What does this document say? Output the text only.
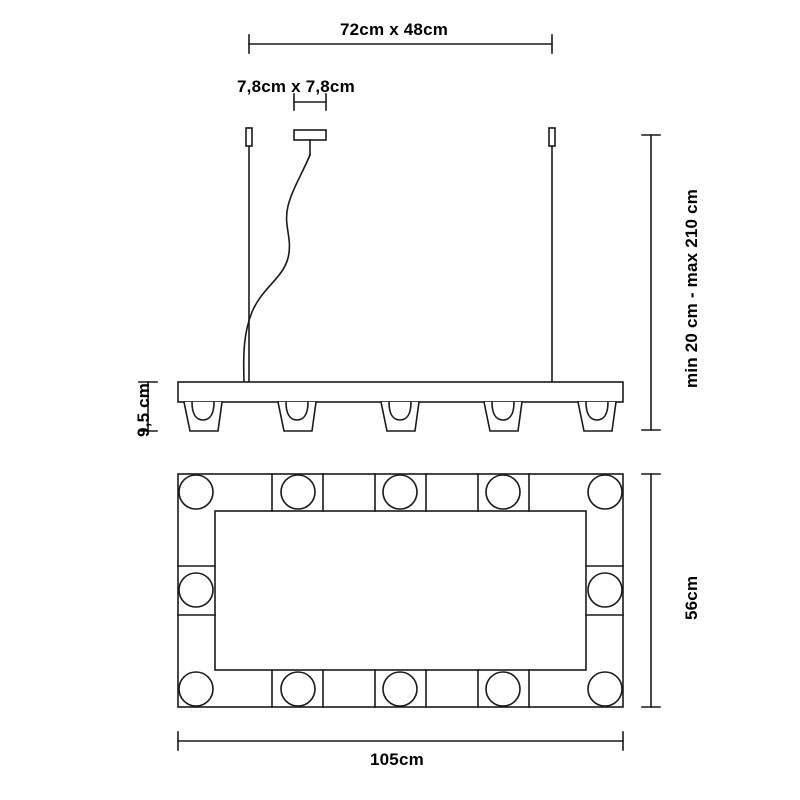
72cm x 48cm
7,8cm x 7,8cm
min 20 cm - max 210 cm
9,5 cm
56cm
105cm
